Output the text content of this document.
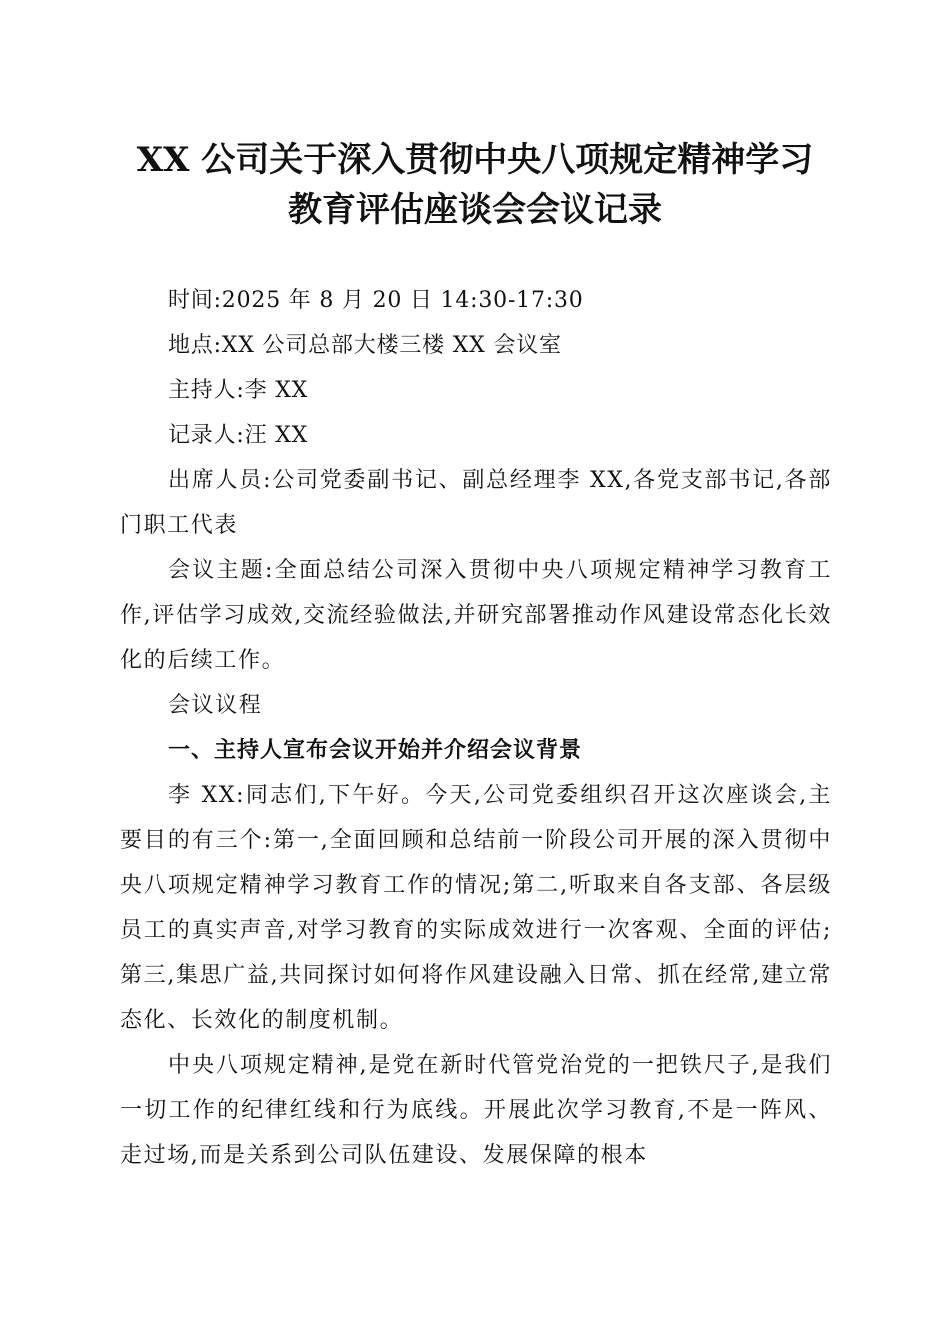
XX 公司关于深入贯彻中央八项规定精神学习
教育评估座谈会会议记录

时间:2025 年 8 月 20 日 14:30-17:30

地点:XX 公司总部大楼三楼 XX 会议室

主持人:李 XX

记录人:汪 XX

出席人员:公司党委副书记、副总经理李 XX,各党支部书记,各部门职工代表

会议主题:全面总结公司深入贯彻中央八项规定精神学习教育工作,评估学习成效,交流经验做法,并研究部署推动作风建设常态化长效化的后续工作。

会议议程

一、主持人宣布会议开始并介绍会议背景

李 XX:同志们,下午好。今天,公司党委组织召开这次座谈会,主要目的有三个:第一,全面回顾和总结前一阶段公司开展的深入贯彻中央八项规定精神学习教育工作的情况;第二,听取来自各支部、各层级员工的真实声音,对学习教育的实际成效进行一次客观、全面的评估;第三,集思广益,共同探讨如何将作风建设融入日常、抓在经常,建立常态化、长效化的制度机制。

中央八项规定精神,是党在新时代管党治党的一把铁尺子,是我们一切工作的纪律红线和行为底线。开展此次学习教育,不是一阵风、走过场,而是关系到公司队伍建设、发展保障的根本
